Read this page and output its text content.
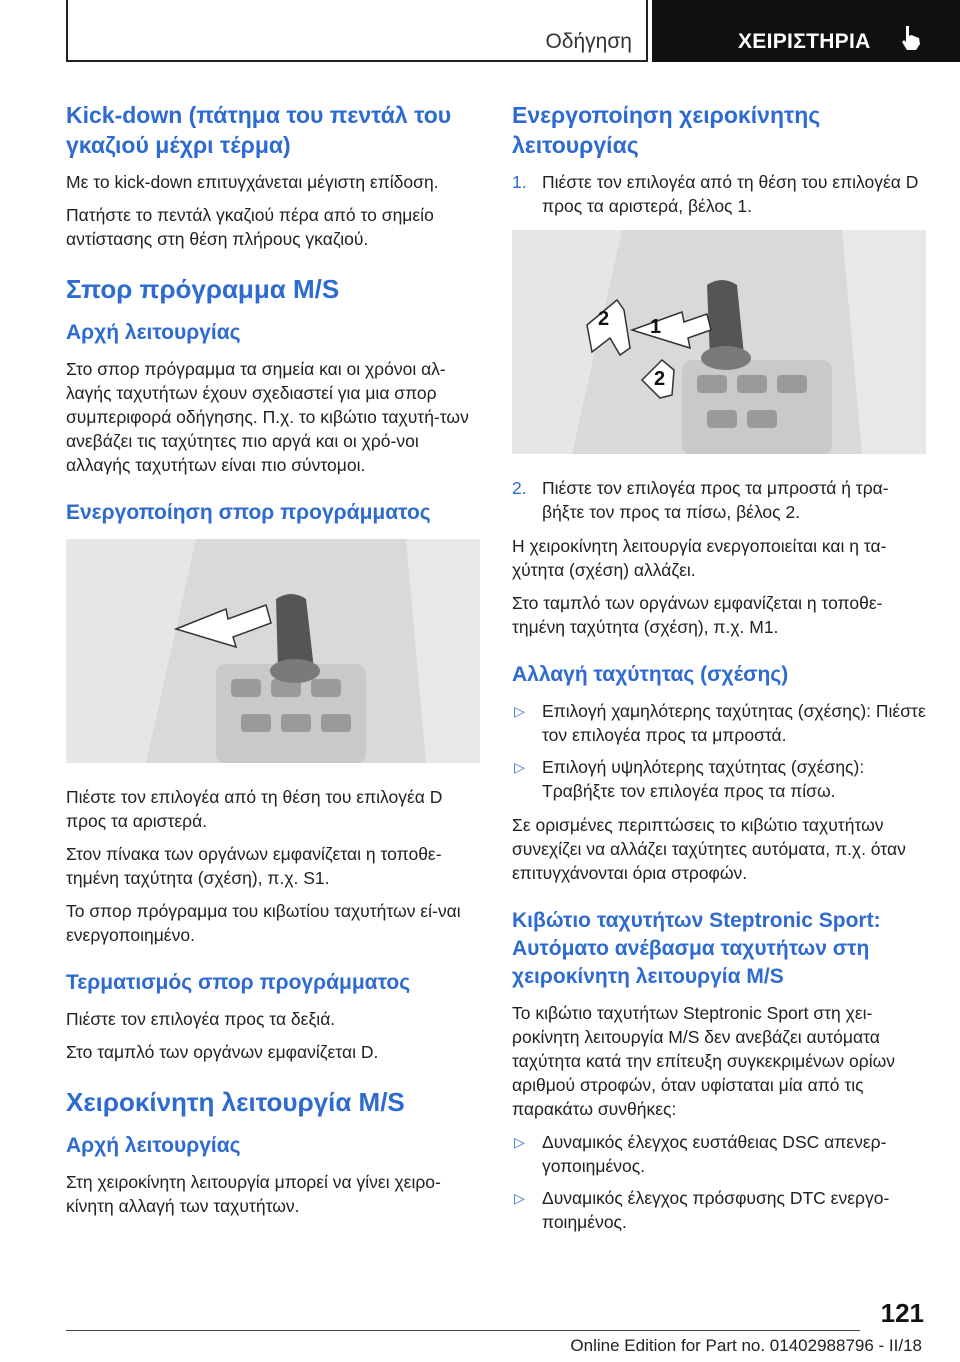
Οδήγηση	ΧΕΙΡΙΣΤΗΡΙΑ
Kick-down (πάτημα του πεντάλ του γκαζιού μέχρι τέρμα)

Με το kick-down επιτυγχάνεται μέγιστη επίδοση.

Πατήστε το πεντάλ γκαζιού πέρα από το σημείο αντίστασης στη θέση πλήρους γκαζιού.

Σπορ πρόγραμμα M/S
Αρχή λειτουργίας

Στο σπορ πρόγραμμα τα σημεία και οι χρόνοι αλ-λαγής ταχυτήτων έχουν σχεδιαστεί για μια σπορ συμπεριφορά οδήγησης. Π.χ. το κιβώτιο ταχυτή-των ανεβάζει τις ταχύτητες πιο αργά και οι χρό-νοι αλλαγής ταχυτήτων είναι πιο σύντομοι.

Ενεργοποίηση σπορ προγράμματος

Πιέστε τον επιλογέα από τη θέση του επιλογέα D προς τα αριστερά.

Στον πίνακα των οργάνων εμφανίζεται η τοποθε-τημένη ταχύτητα (σχέση), π.χ. S1.

Το σπορ πρόγραμμα του κιβωτίου ταχυτήτων εί-ναι ενεργοποιημένο.

Τερματισμός σπορ προγράμματος

Πιέστε τον επιλογέα προς τα δεξιά.

Στο ταμπλό των οργάνων εμφανίζεται D.

Χειροκίνητη λειτουργία M/S
Αρχή λειτουργίας

Στη χειροκίνητη λειτουργία μπορεί να γίνει χειρο-κίνητη αλλαγή των ταχυτήτων.

Ενεργοποίηση χειροκίνητης λειτουργίας
1. Πιέστε τον επιλογέα από τη θέση του επιλογέα D προς τα αριστερά, βέλος 1.
2 1
2
2. Πιέστε τον επιλογέα προς τα μπροστά ή τρα-βήξτε τον προς τα πίσω, βέλος 2.

Η χειροκίνητη λειτουργία ενεργοποιείται και η τα-χύτητα (σχέση) αλλάζει.

Στο ταμπλό των οργάνων εμφανίζεται η τοποθε-τημένη ταχύτητα (σχέση), π.χ. M1.

Αλλαγή ταχύτητας (σχέσης)
▷ Επιλογή χαμηλότερης ταχύτητας (σχέσης): Πιέστε τον επιλογέα προς τα μπροστά.
▷ Επιλογή υψηλότερης ταχύτητας (σχέσης): Τραβήξτε τον επιλογέα προς τα πίσω.

Σε ορισμένες περιπτώσεις το κιβώτιο ταχυτήτων συνεχίζει να αλλάζει ταχύτητες αυτόματα, π.χ. όταν επιτυγχάνονται όρια στροφών.

Κιβώτιο ταχυτήτων Steptronic Sport: Αυτόματο ανέβασμα ταχυτήτων στη χειροκίνητη λειτουργία M/S

Το κιβώτιο ταχυτήτων Steptronic Sport στη χει-ροκίνητη λειτουργία M/S δεν ανεβάζει αυτόματα ταχύτητα κατά την επίτευξη συγκεκριμένων ορίων αριθμού στροφών, όταν υφίσταται μία από τις παρακάτω συνθήκες:

▷ Δυναμικός έλεγχος ευστάθειας DSC απενερ-γοποιημένος.
▷ Δυναμικός έλεγχος πρόσφυσης DTC ενεργο-ποιημένος.
121
Online Edition for Part no. 01402988796 - II/18
